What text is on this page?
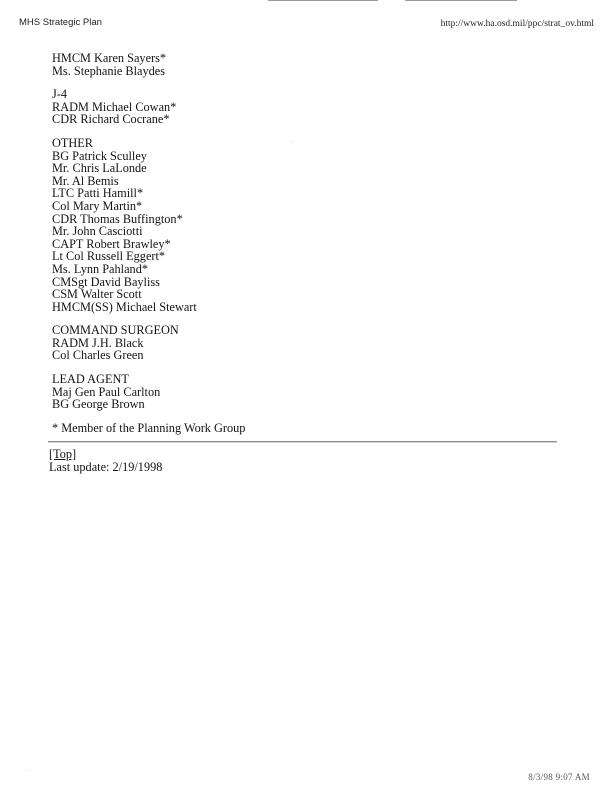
MHS Strategic Plan	http://www.ha.osd.mil/ppc/strat_ov.html
HMCM Karen Sayers*
Ms. Stephanie Blaydes
J-4
RADM Michael Cowan*
CDR Richard Cocrane*
OTHER
BG Patrick Sculley
Mr. Chris LaLonde
Mr. Al Bemis
LTC Patti Hamill*
Col Mary Martin*
CDR Thomas Buffington*
Mr. John Casciotti
CAPT Robert Brawley*
Lt Col Russell Eggert*
Ms. Lynn Pahland*
CMSgt David Bayliss
CSM Walter Scott
HMCM(SS) Michael Stewart
COMMAND SURGEON
RADM J.H. Black
Col Charles Green
LEAD AGENT
Maj Gen Paul Carlton
BG George Brown
* Member of the Planning Work Group
[Top]
Last update: 2/19/1998
·
˙ ˙	8/3/98 9:07 AM
